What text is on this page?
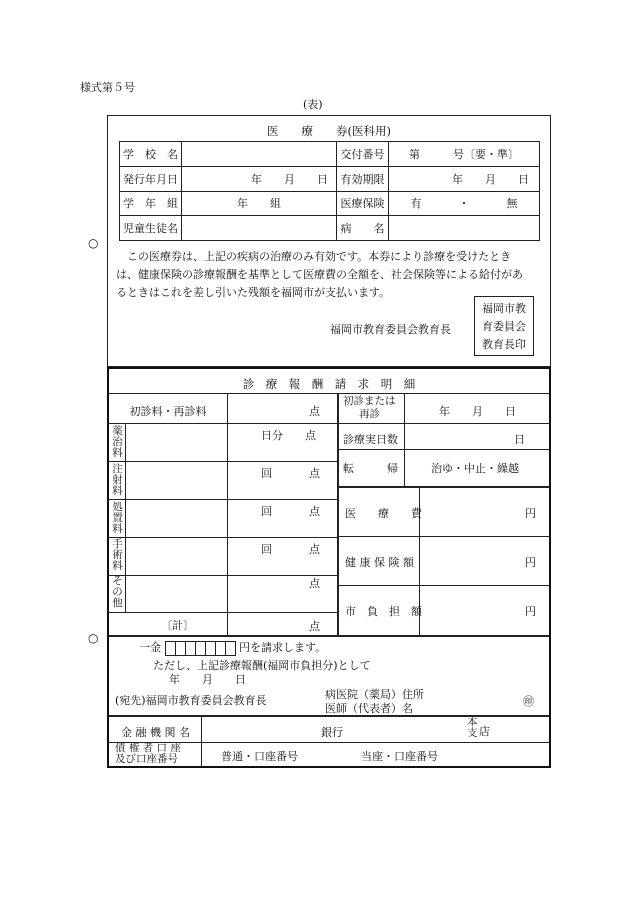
様式第５号
(表)
○
○
医　　療　　券(医科用)
学　校　名		交付番号	第　　　号〔要・準〕
発行年月日	年　　月　　日	有効期限	年　　月　　日
学　年　組	年　　組	医療保険	有 ・ 無

児童生徒名		病　　名	
この医療券は、上記の疾病の治療のみ有効です。本券により診療を受けたとき
は、健康保険の診療報酬を基準として医療費の全額を、社会保険等による給付があ
るときはこれを差し引いた残額を福岡市が支払います。
福岡市教育委員会教育長
福岡市教
育委員会
教育長印
診　療　報　酬　請　求　明　細
初診料・再診料	点
薬
治
料
日分　　点
注
射
料
回	点
処
置
料
回	点
手
術
料
回	点
そ
の
他
点
〔計〕	点
初診または
再診	年　　月　　日
診療実日数	日
転　　　帰	治ゆ・中止・繰越
医　　療　　費	円
健 康 保 険 額	円
市　負　担　額	円
一金	円を請求します。
ただし、上記診療報酬(福岡市負担分)として
年　　月　　日
(宛先)福岡市教育委員会教育長	病医院（薬局）住所
医師（代表者）名
㊞
金 融 機 関 名	銀行
本
支 店
債 権 者 口 座
及び口座番号	普通・口座番号	当座・口座番号
